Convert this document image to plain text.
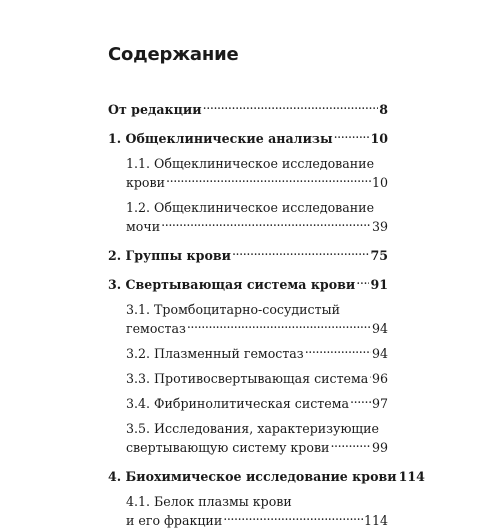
Содержание
От редакции . . .	8
1. Общеклинические анализы . . .	10
1.1. Общеклиническое исследование
крови . . .	10
1.2. Общеклиническое исследование
мочи . . .	39
2. Группы крови . . .	75
3. Свертывающая система крови . . . 91
3.1. Тромбоцитарно-сосудистый
гемостаз . . .	94
3.2. Плазменный гемостаз . . .	94
3.3. Противосвертывающая система . . . 96
3.4. Фибринолитическая система . . . 97
3.5. Исследования, характеризующие
свертывающую систему крови . . .	99
4. Биохимическое исследование крови 114
4.1. Белок плазмы крови
и его фракции . . .	114
